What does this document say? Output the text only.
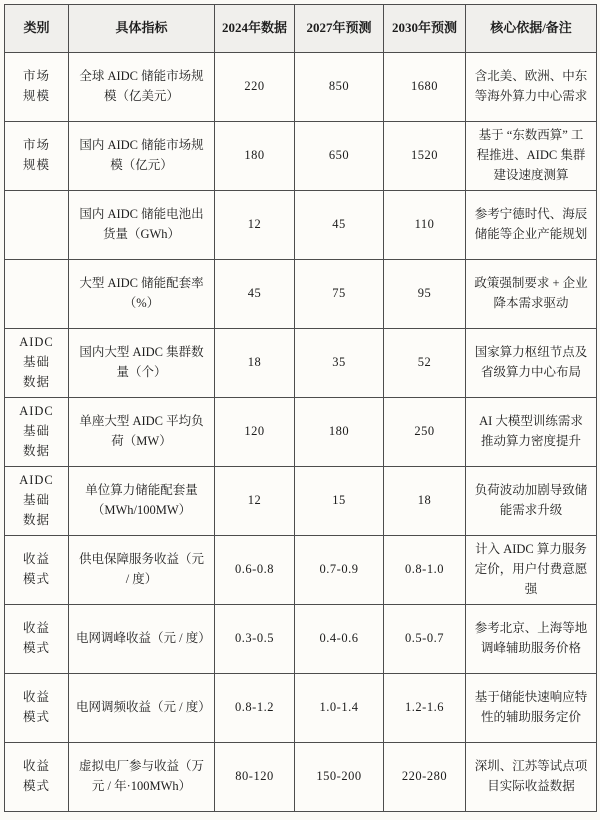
类别	具体指标	2024年数据	2027年预测	2030年预测	核心依据/备注
市场
规模	全球 AIDC 储能市场规模（亿美元）	220	850	1680	含北美、欧洲、中东等海外算力中心需求
市场
规模	国内 AIDC 储能市场规模（亿元）	180	650	1520	基于 “东数西算” 工程推进、AIDC 集群建设速度测算
	国内 AIDC 储能电池出货量（GWh）	12	45	110	参考宁德时代、海辰储能等企业产能规划
	大型 AIDC 储能配套率（%）	45	75	95	政策强制要求 + 企业降本需求驱动
AIDC
基础
数据	国内大型 AIDC 集群数量（个）	18	35	52	国家算力枢纽节点及省级算力中心布局
AIDC
基础
数据	单座大型 AIDC 平均负荷（MW）	120	180	250	AI 大模型训练需求推动算力密度提升
AIDC
基础
数据	单位算力储能配套量（MWh/100MW）	12	15	18	负荷波动加剧导致储能需求升级
收益
模式	供电保障服务收益（元 / 度）	0.6-0.8	0.7-0.9	0.8-1.0	计入 AIDC 算力服务定价，用户付费意愿强
收益
模式	电网调峰收益（元 / 度）	0.3-0.5	0.4-0.6	0.5-0.7	参考北京、上海等地调峰辅助服务价格
收益
模式	电网调频收益（元 / 度）	0.8-1.2	1.0-1.4	1.2-1.6	基于储能快速响应特性的辅助服务定价
收益
模式	虚拟电厂参与收益（万元 / 年·100MWh）	80-120	150-200	220-280	深圳、江苏等试点项目实际收益数据
